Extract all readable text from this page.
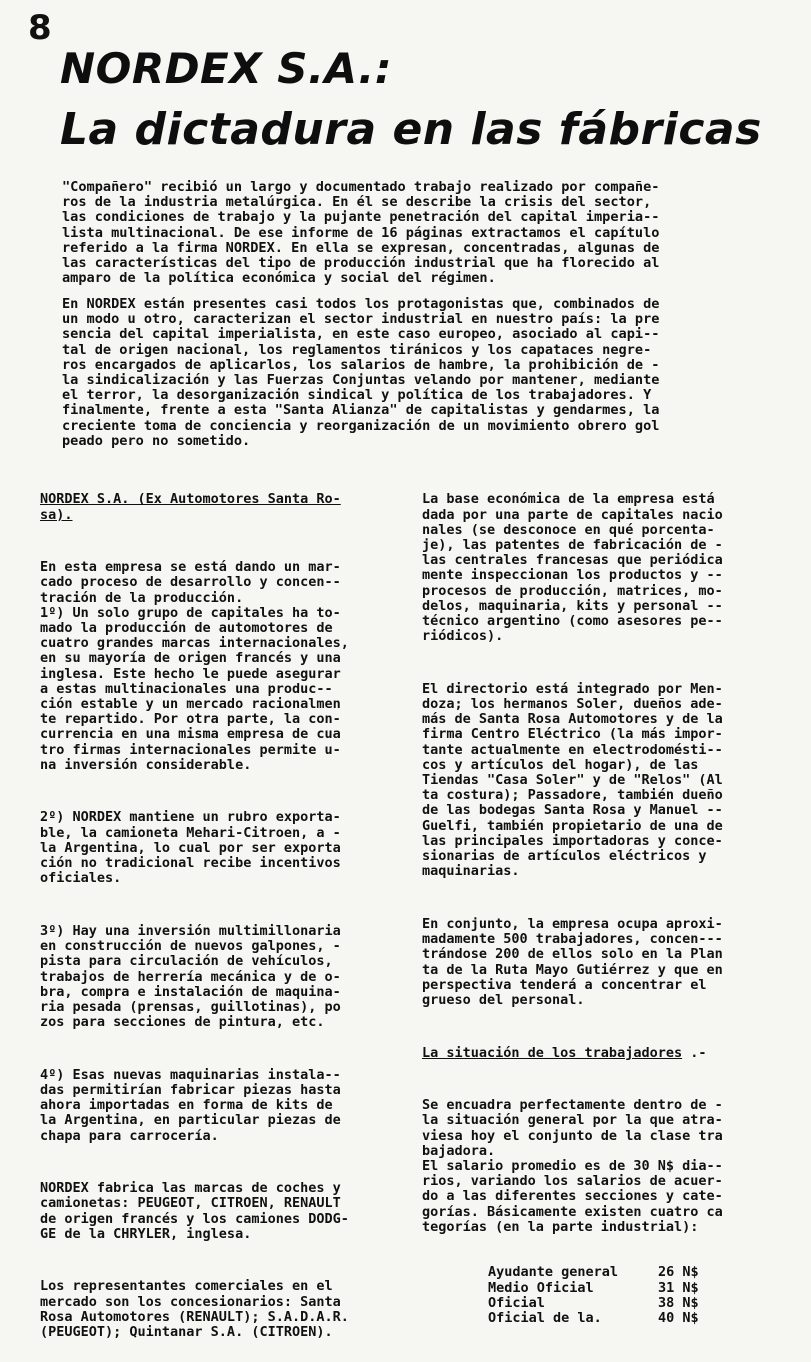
8
NORDEX S.A.:
La dictadura en las fábricas

"Compañero" recibió un largo y documentado trabajo realizado por compañe-
ros de la industria metalúrgica. En él se describe la crisis del sector,
las condiciones de trabajo y la pujante penetración del capital imperia--
lista multinacional. De ese informe de 16 páginas extractamos el capítulo
referido a la firma NORDEX. En ella se expresan, concentradas, algunas de
las características del tipo de producción industrial que ha florecido al
amparo de la política económica y social del régimen.

En NORDEX están presentes casi todos los protagonistas que, combinados de
un modo u otro, caracterizan el sector industrial en nuestro país: la pre
sencia del capital imperialista, en este caso europeo, asociado al capi--
tal de origen nacional, los reglamentos tiránicos y los capataces negre-
ros encargados de aplicarlos, los salarios de hambre, la prohibición de -
la sindicalización y las Fuerzas Conjuntas velando por mantener, mediante
el terror, la desorganización sindical y política de los trabajadores. Y
finalmente, frente a esta "Santa Alianza" de capitalistas y gendarmes, la
creciente toma de conciencia y reorganización de un movimiento obrero gol
peado pero no sometido.

NORDEX S.A. (Ex Automotores Santa Ro-
sa).

En esta empresa se está dando un mar-
cado proceso de desarrollo y concen--
tración de la producción.
1º) Un solo grupo de capitales ha to-
mado la producción de automotores de
cuatro grandes marcas internacionales,
en su mayoría de origen francés y una
inglesa. Este hecho le puede asegurar
a estas multinacionales una produc--
ción estable y un mercado racionalmen
te repartido. Por otra parte, la con-
currencia en una misma empresa de cua
tro firmas internacionales permite u-
na inversión considerable.

2º) NORDEX mantiene un rubro exporta-
ble, la camioneta Mehari-Citroen, a -
la Argentina, lo cual por ser exporta
ción no tradicional recibe incentivos
oficiales.

3º) Hay una inversión multimillonaria
en construcción de nuevos galpones, -
pista para circulación de vehículos,
trabajos de herrería mecánica y de o-
bra, compra e instalación de maquina-
ria pesada (prensas, guillotinas), po
zos para secciones de pintura, etc.

4º) Esas nuevas maquinarias instala--
das permitirían fabricar piezas hasta
ahora importadas en forma de kits de
la Argentina, en particular piezas de
chapa para carrocería.

NORDEX fabrica las marcas de coches y
camionetas: PEUGEOT, CITROEN, RENAULT
de origen francés y los camiones DODG-
GE de la CHRYLER, inglesa.

Los representantes comerciales en el
mercado son los concesionarios: Santa
Rosa Automotores (RENAULT); S.A.D.A.R.
(PEUGEOT); Quintanar S.A. (CITROEN).

La base económica de la empresa está
dada por una parte de capitales nacio
nales (se desconoce en qué porcenta-
je), las patentes de fabricación de -
las centrales francesas que periódica
mente inspeccionan los productos y --
procesos de producción, matrices, mo-
delos, maquinaria, kits y personal --
técnico argentino (como asesores pe--
riódicos).

El directorio está integrado por Men-
doza; los hermanos Soler, dueños ade-
más de Santa Rosa Automotores y de la
firma Centro Eléctrico (la más impor-
tante actualmente en electrodomésti--
cos y artículos del hogar), de las
Tiendas "Casa Soler" y de "Relos" (Al
ta costura); Passadore, también dueño
de las bodegas Santa Rosa y Manuel --
Guelfi, también propietario de una de
las principales importadoras y conce-
sionarias de artículos eléctricos y
maquinarias.

En conjunto, la empresa ocupa aproxi-
madamente 500 trabajadores, concen---
trándose 200 de ellos solo en la Plan
ta de la Ruta Mayo Gutiérrez y que en
perspectiva tenderá a concentrar el
grueso del personal.

La situación de los trabajadores .-

Se encuadra perfectamente dentro de -
la situación general por la que atra-
viesa hoy el conjunto de la clase tra
bajadora.
El salario promedio es de 30 N$ dia--
rios, variando los salarios de acuer-
do a las diferentes secciones y cate-
gorías. Básicamente existen cuatro ca
tegorías (en la parte industrial):

Ayudante general	26 N$
Medio Oficial	31 N$
Oficial	38 N$
Oficial de la.	40 N$
